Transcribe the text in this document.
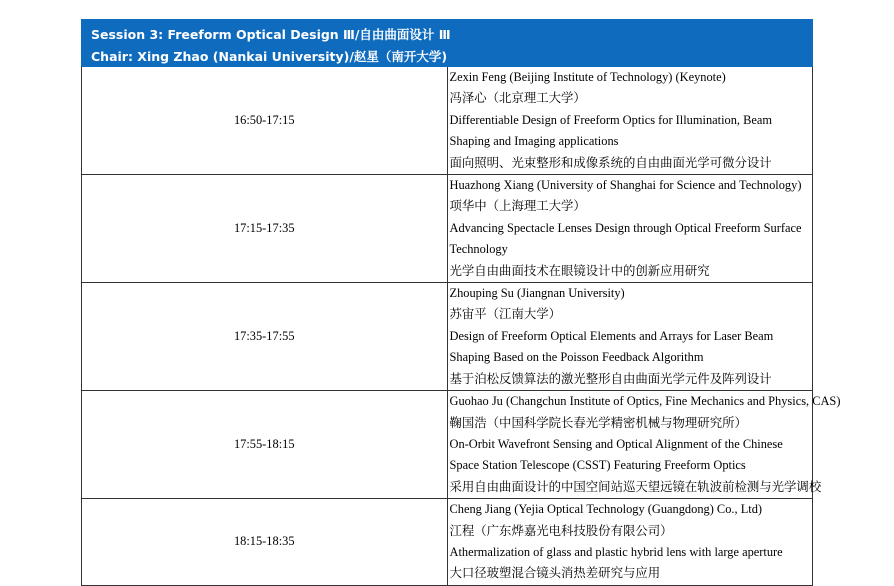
Session 3: Freeform Optical Design Ⅲ/自由曲面设计 Ⅲ	
Chair: Xing Zhao (Nankai University)/赵星（南开大学)	
16:50-17:15	Zexin Feng (Beijing Institute of Technology) (Keynote)
冯泽心（北京理工大学）
Differentiable Design of Freeform Optics for Illumination, Beam Shaping and Imaging applications
面向照明、光束整形和成像系统的自由曲面光学可微分设计

17:15-17:35	Huazhong Xiang (University of Shanghai for Science and Technology)
项华中（上海理工大学）
Advancing Spectacle Lenses Design through Optical Freeform Surface Technology
光学自由曲面技术在眼镜设计中的创新应用研究

17:35-17:55	Zhouping Su (Jiangnan University)
苏宙平（江南大学）
Design of Freeform Optical Elements and Arrays for Laser Beam Shaping Based on the Poisson Feedback Algorithm
基于泊松反馈算法的激光整形自由曲面光学元件及阵列设计

17:55-18:15	Guohao Ju (Changchun Institute of Optics, Fine Mechanics and Physics, CAS)
鞠国浩（中国科学院长春光学精密机械与物理研究所）
On-Orbit Wavefront Sensing and Optical Alignment of the Chinese Space Station Telescope (CSST) Featuring Freeform Optics
采用自由曲面设计的中国空间站巡天望远镜在轨波前检测与光学调校

18:15-18:35	Cheng Jiang (Yejia Optical Technology (Guangdong) Co., Ltd)
江程（广东烨嘉光电科技股份有限公司）
Athermalization of glass and plastic hybrid lens with large aperture
大口径玻塑混合镜头消热差研究与应用
